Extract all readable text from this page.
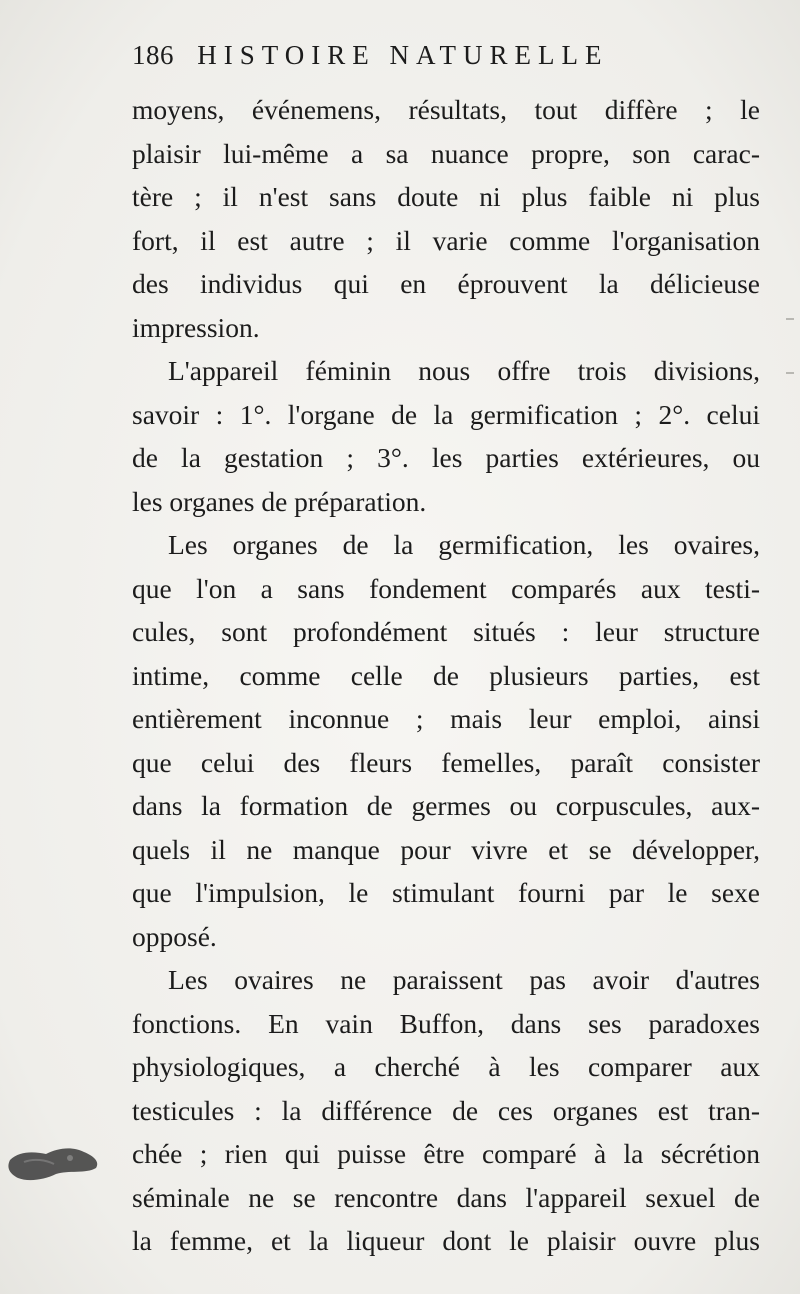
186 HISTOIRE NATURELLE
moyens, événemens, résultats, tout diffère ; le
plaisir lui-même a sa nuance propre, son carac-
tère ; il n'est sans doute ni plus faible ni plus
fort, il est autre ; il varie comme l'organisation
des individus qui en éprouvent la délicieuse
impression.
L'appareil féminin nous offre trois divisions,
savoir : 1°. l'organe de la germification ; 2°. celui
de la gestation ; 3°. les parties extérieures, ou
les organes de préparation.
Les organes de la germification, les ovaires,
que l'on a sans fondement comparés aux testi-
cules, sont profondément situés : leur structure
intime, comme celle de plusieurs parties, est
entièrement inconnue ; mais leur emploi, ainsi
que celui des fleurs femelles, paraît consister
dans la formation de germes ou corpuscules, aux-
quels il ne manque pour vivre et se développer,
que l'impulsion, le stimulant fourni par le sexe
opposé.
Les ovaires ne paraissent pas avoir d'autres
fonctions. En vain Buffon, dans ses paradoxes
physiologiques, a cherché à les comparer aux
testicules : la différence de ces organes est tran-
chée ; rien qui puisse être comparé à la sécrétion
séminale ne se rencontre dans l'appareil sexuel de
la femme, et la liqueur dont le plaisir ouvre plus
